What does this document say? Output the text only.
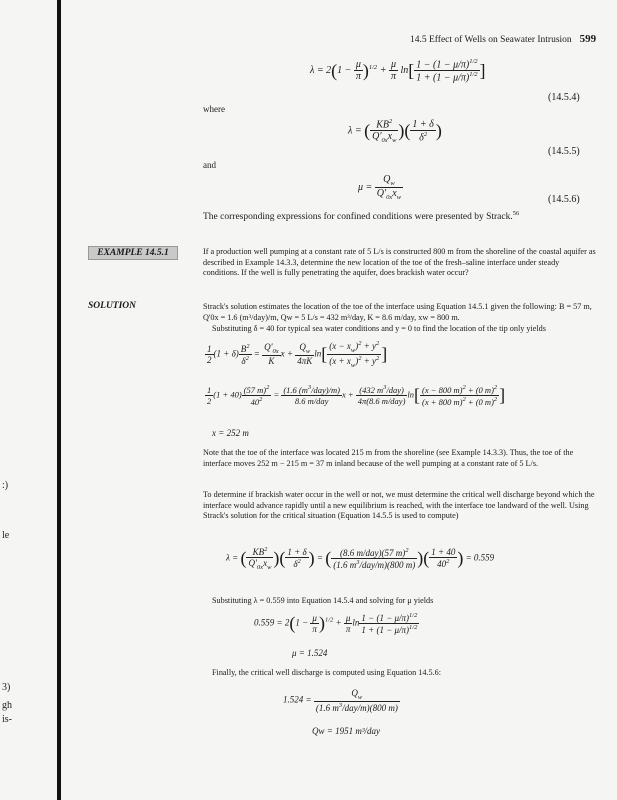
:)
le
3)
gh
is-
14.5 Effect of Wells on Seawater Intrusion 599
$\lambda = 2(1 - \frac{\mu}{\pi} )^{1/2} + \frac{\mu}{\pi} \ln[ \frac{1 - (1 - \mu/\pi)^{1/2}}{1 + (1 - \mu/\pi)^{1/2}}$ ]
(14.5.4)
where
λ = ( $\frac{KB^2}{Q'_{0x}x_w}$ )( $\frac{1 + \delta}{\delta^2}$ )
(14.5.5)
and
$\mu = \frac{Q_w}{Q'_{0x}x_w}$	(14.5.6)
The corresponding expressions for confined conditions were presented by Strack.$^{56}$
EXAMPLE 14.5.1	If a production well pumping at a constant rate of 5 L/s is constructed 800 m from the shoreline of the coastal aquifer as described in Example 14.3.3, determine the new location of the toe of the fresh–saline interface under steady conditions. If the well is fully penetrating the aquifer, does brackish water occur?
SOLUTION	Strack's solution estimates the location of the toe of the interface using Equation 14.5.1 given the following: B = 57 m, Q'0x = 1.6 (m³/day)/m, Qw = 5 L/s = 432 m³/day, K = 8.6 m/day, xw = 800 m.
Substituting δ = 40 for typical sea water conditions and y = 0 to find the location of the tip only yields
$\frac{1}{2} (1 + \delta) \frac{B^2}{\delta^2} = \frac{Q'_{0x}}{K}$ $x + \frac{Q_w}{4\pi K} \ln[ \frac{(x - x_w)^2 + y^2}{(x + x_w)^2 + y^2}$ ]
$\frac{1}{2} (1 + 40) \frac{(57 m)^2}{40^2} = \frac{(1.6 (m^3/day)/m)}{\text{8.6 m/day}}$ $x + \frac{(432 m^3/day)}{\text{4π(8.6 m/day)}} \ln[ \frac{(x - 800 m)^2 + (0 m)^2}{(x + 800 m)^2 + (0 m)^2}$ ]
x = 252 m
Note that the toe of the interface was located 215 m from the shoreline (see Example 14.3.3). Thus, the toe of the interface moves 252 m − 215 m = 37 m inland because of the well pumping at a constant rate of 5 L/s.
To determine if brackish water occur in the well or not, we must determine the critical well discharge beyond which the interface would advance rapidly until a new equilibrium is reached, with the interface toe landward of the well. Using Strack's solution for the critical situation (Equation 14.5.5 is used to compute)
λ = ( $\frac{KB^2}{Q'_{0x}x_w}$ )( $\frac{1 + \delta}{\delta^2}$ ) = ( $\frac{(8.6 m/day)(57 m)^2}{(1.6 m^3/day/m)(800 m)}$ )( $\frac{1 + 40}{40^2}$ ) = 0.559
Substituting λ = 0.559 into Equation 14.5.4 and solving for μ yields
$0.559 = 2(1 - \frac{\mu}{\pi} )^{1/2} + \frac{\mu}{\pi}$ $\ln \frac{1 - (1 - \mu/\pi)^{1/2}}{1 + (1 - \mu/\pi)^{1/2}}$
μ = 1.524
Finally, the critical well discharge is computed using Equation 14.5.6:
$1.524 = \frac{Q_w}{(1.6 m^3/day/m)(800 m)}$
Qw = 1951 m³/day
